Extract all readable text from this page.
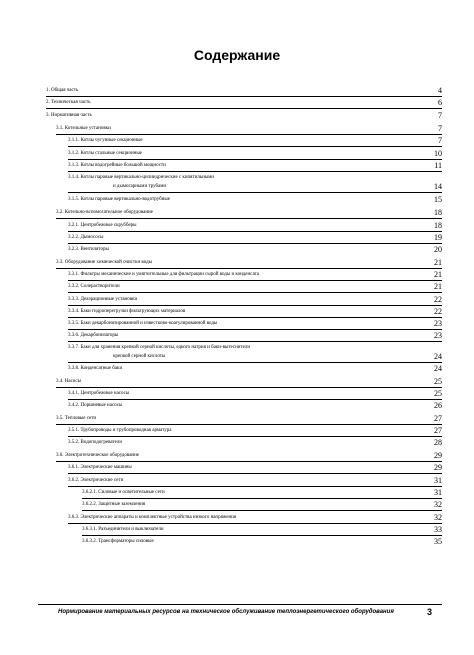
Содержание
1. Общая часть	4
2. Техническая часть	6
3. Нормативная часть	7
3.1. Котельные установки	7
3.1.1. Котлы чугунные секционные	7
3.1.2. Котлы стальные секционные	10
3.1.3. Котлы водогрейные большой мощности	11
3.1.4. Котлы паровые вертикально-цилиндрические с кипятильными
и дымогарными трубами	14
3.1.5. Котлы паровые вертикально-водотрубные	15
3.2. Котельно-вспомогательное оборудование	18
3.2.1. Центробежные скрубберы	18
3.2.2. Дымососы	19
3.2.3. Вентиляторы	20
3.3. Оборудование химической очистки воды	21
3.3.1. Фильтры механические и умягчительные для фильтрации сырой воды и конденсата	21
3.3.2. Солерастворители	21
3.3.3. Деаэрационные установки	22
3.3.4. Баки гидроперегрузки фильтрующих материалов	22
3.3.5. Баки декарбонизированной и известково-коагулированной воды	23
3.3.6. Декарбонизаторы	23
3.3.7. Баки для хранения крепкой серной кислоты, едкого натрия и баки-вытеснители
крепкой серной кислоты	24
3.3.8. Конденсатные баки	24
3.4. Насосы	25
3.4.1. Центробежные насосы	25
3.4.2. Поршневые насосы	26
3.5. Тепловые сети	27
3.5.1. Трубопроводы и трубопроводная арматура	27
3.5.2. Водоподогреватели	28
3.6. Электротехническое оборудование	29
3.6.1. Электрические машины	29
3.6.2. Электрические сети	31
3.6.2.1. Силовые и осветительные сети	31
3.6.2.2. Защитные заземления	32
3.6.3. Электрические аппараты и комплектные устройства низкого напряжения	32
3.6.3.1. Разъединители и выключатели	33
3.6.3.2. Трансформаторы силовые	35
Нормирование материальных ресурсов на техническое обслуживание теплоэнергетического оборудования	3
